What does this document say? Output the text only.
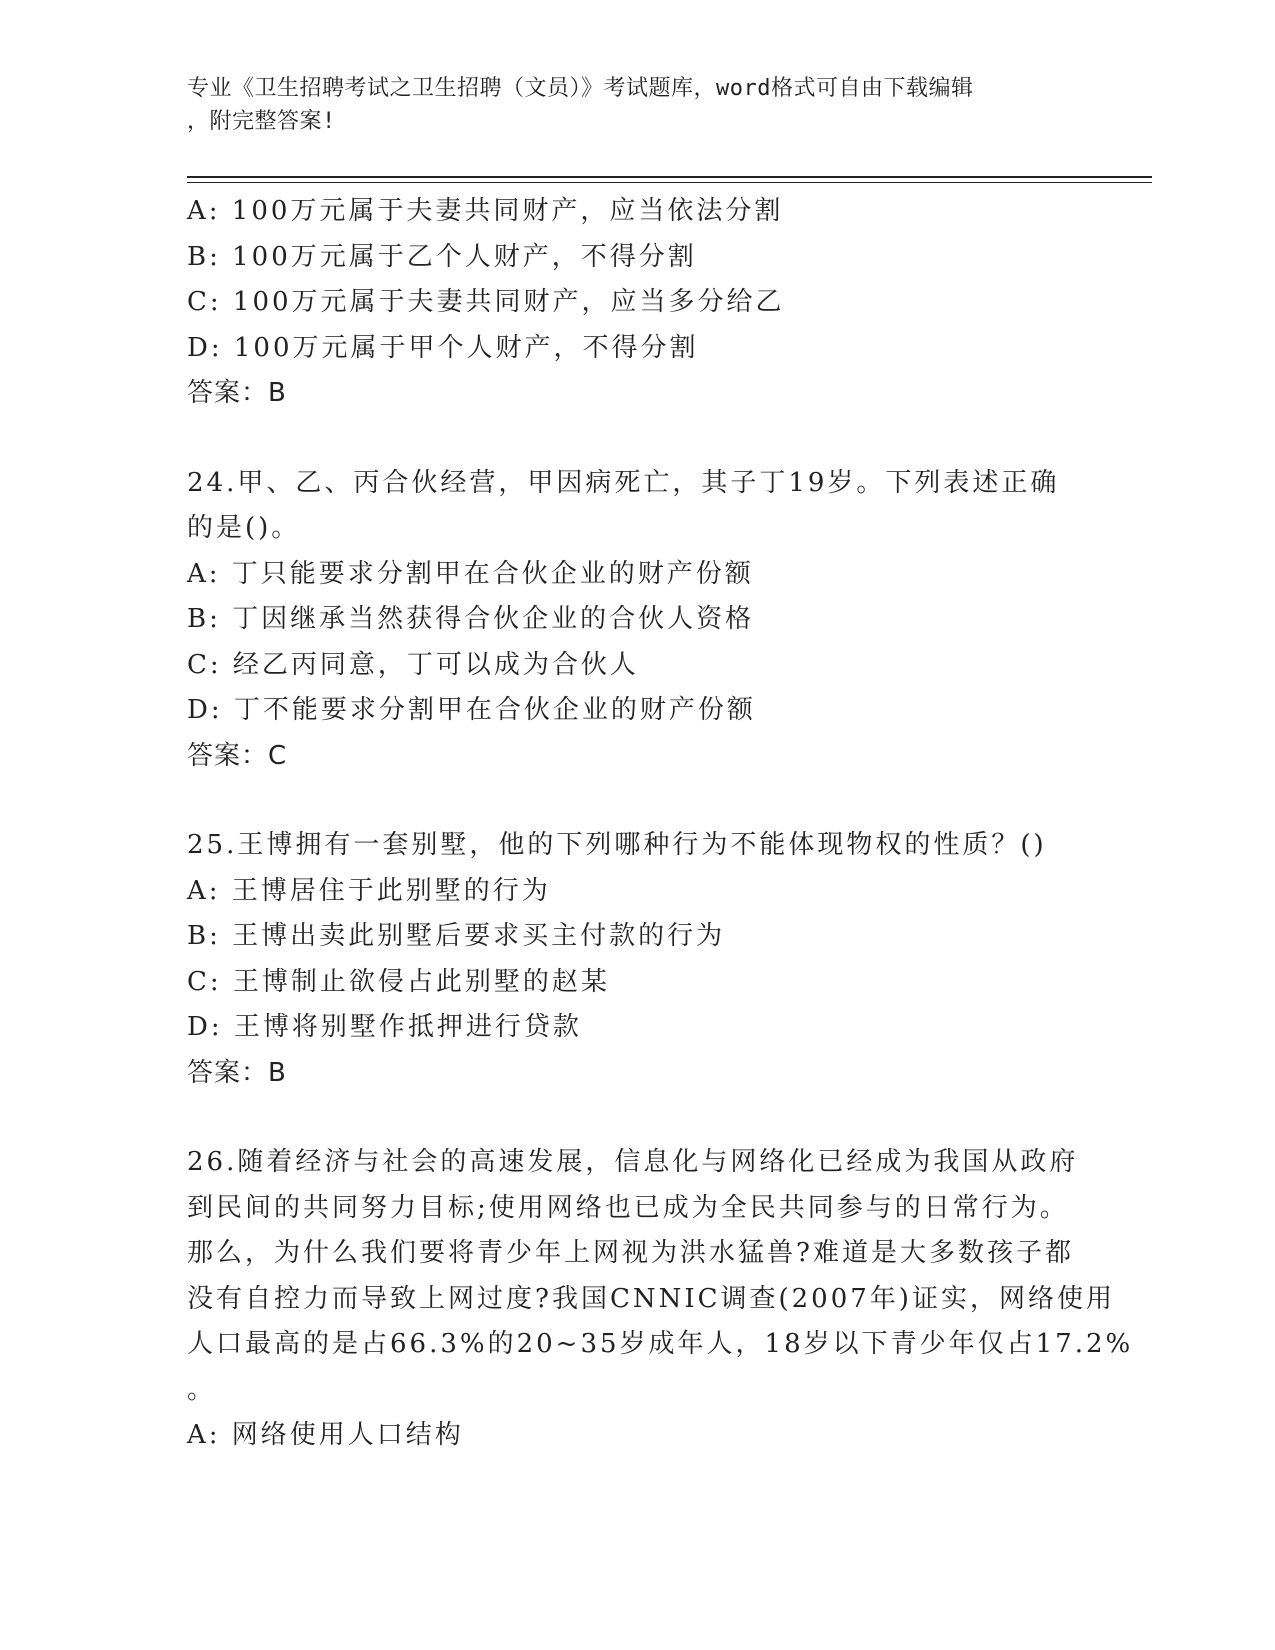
专业《卫生招聘考试之卫生招聘（文员）》考试题库，word格式可自由下载编辑
，附完整答案!
A: 100万元属于夫妻共同财产，应当依法分割
B: 100万元属于乙个人财产，不得分割
C: 100万元属于夫妻共同财产，应当多分给乙
D: 100万元属于甲个人财产，不得分割
答案：B
24.甲、乙、丙合伙经营，甲因病死亡，其子丁19岁。下列表述正确
的是()。
A: 丁只能要求分割甲在合伙企业的财产份额
B: 丁因继承当然获得合伙企业的合伙人资格
C: 经乙丙同意，丁可以成为合伙人
D: 丁不能要求分割甲在合伙企业的财产份额
答案：C
25.王博拥有一套别墅，他的下列哪种行为不能体现物权的性质？()
A: 王博居住于此别墅的行为
B: 王博出卖此别墅后要求买主付款的行为
C: 王博制止欲侵占此别墅的赵某
D: 王博将别墅作抵押进行贷款
答案：B
26.随着经济与社会的高速发展，信息化与网络化已经成为我国从政府
到民间的共同努力目标;使用网络也已成为全民共同参与的日常行为。
那么，为什么我们要将青少年上网视为洪水猛兽?难道是大多数孩子都
没有自控力而导致上网过度?我国CNNIC调查(2007年)证实，网络使用
人口最高的是占66.3%的20~35岁成年人，18岁以下青少年仅占17.2%
。
A: 网络使用人口结构
